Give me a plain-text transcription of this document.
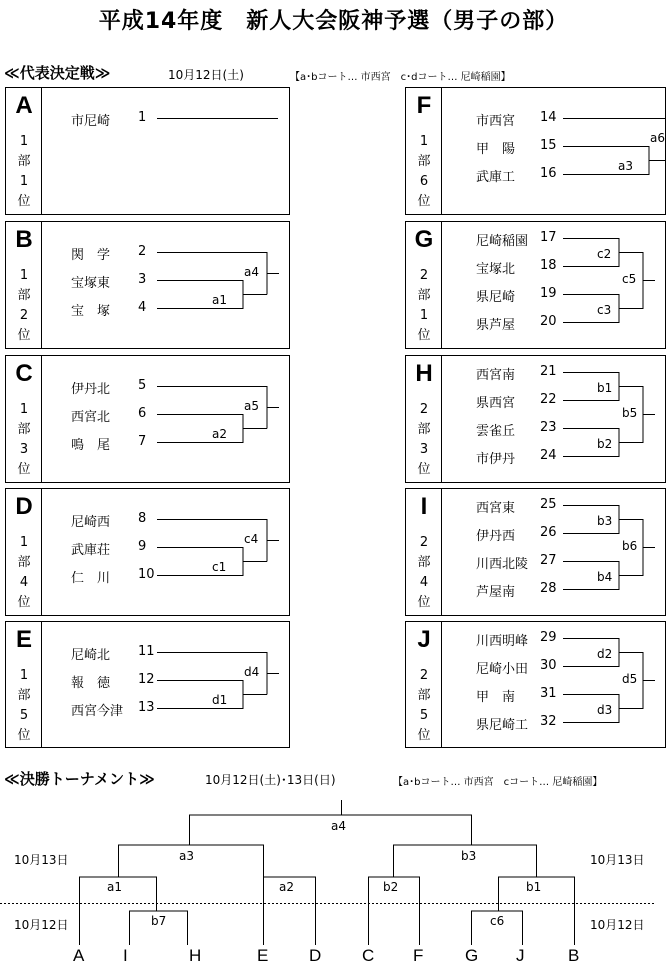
平成14年度　新人大会阪神予選（男子の部）
≪代表決定戦≫	10月12日(土)	【a･bコート… 市西宮　c･dコート… 尼崎稲園】
A
1
部
1
位
市尼崎 1
B
1
部
2
位
関　学 2
宝塚東 3
宝　塚 4	a1
a4
C
1
部
3
位
伊丹北 5
西宮北 6
鳴　尾 7	a2
a5
D
1
部
4
位
尼崎西 8
武庫荘 9
仁　川 10	c1
c4
E
1
部
5
位
尼崎北 11
報　徳 12
西宮今津 13	d1
d4
F
1
部
6
位
市西宮 14
甲　陽 15
武庫工 16	a3
a6
G
2
部
1
位
尼崎稲園 17
宝塚北 18
県尼崎 19
県芦屋 20
c2
c3
c5
H
2
部
3
位
西宮南 21
県西宮 22
雲雀丘 23
市伊丹 24
b1
b2
b5
I
2
部
4
位
西宮東 25
伊丹西 26
川西北陵 27
芦屋南 28
b3
b4
b6
J
2
部
5
位
川西明峰 29
尼崎小田 30
甲　南 31
県尼崎工 32
d2
d3
d5
≪決勝トーナメント≫	10月12日(土)･13日(日)	【a･bコート… 市西宮　cコート… 尼崎稲園】
10月13日	10月13日
10月12日	10月12日
a4
a3	b3
a1	a2	b2	b1
b7	c6
A I	H	E D C F G J	B
